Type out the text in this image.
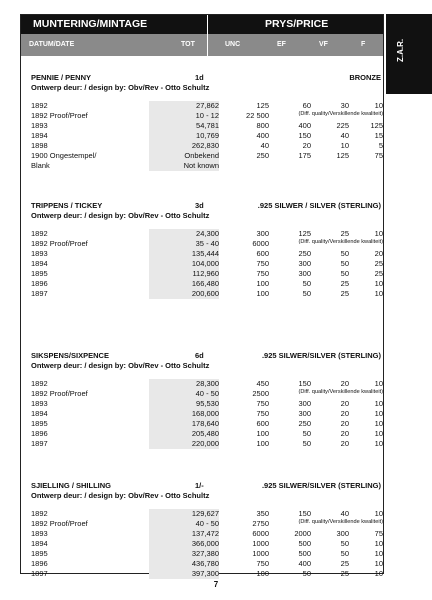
MUNTERING/MINTAGE	PRYS/PRICE
DATUM/DATE	TOT	UNC	EF	VF	F
PENNIE / PENNY	1d	BRONZE
Ontwerp deur: / design by: Obv/Rev - Otto Schultz
1892	27,862	125	60	30	10
1892 Proof/Proef	10 - 12	22 500	(Diff. quality/Verskillende kwaliteit)
1893	54,781	800	400	225	125
1894	10,769	400	150	40	15
1898	262,830	40	20	10	5
1900 Ongestempel/	Onbekend	250	175	125	75
Blank	Not known
TRIPPENS / TICKEY	3d	.925 SILWER / SILVER (STERLING)
Ontwerp deur: / design by: Obv/Rev - Otto Schultz
1892	24,300	300	125	25	10
1892 Proof/Proef	35 - 40	6000	(Diff. quality/Verskillende kwaliteit)
1893	135,444	600	250	50	20
1894	104,000	750	300	50	25
1895	112,960	750	300	50	25
1896	166,480	100	50	25	10
1897	200,600	100	50	25	10
SIKSPENS/SIXPENCE	6d	.925 SILWER/SILVER (STERLING)
Ontwerp deur: / design by: Obv/Rev - Otto Schultz
1892	28,300	450	150	20	10
1892 Proof/Proef	40 - 50	2500	(Diff. quality/Verskillende kwaliteit)
1893	95,530	750	300	20	10
1894	168,000	750	300	20	10
1895	178,640	600	250	20	10
1896	205,480	100	50	20	10
1897	220,000	100	50	20	10
SJIELLING / SHILLING	1/-	.925 SILWER/SILVER (STERLING)
Ontwerp deur: / design by: Obv/Rev - Otto Schultz
1892	129,627	350	150	40	10
1892 Proof/Proef	40 - 50	2750	(Diff. quality/Verskillende kwaliteit)
1893	137,472	6000	2000	300	75
1894	366,000	1000	500	50	10
1895	327,380	1000	500	50	10
1896	436,780	750	400	25	10
1897	397,300	100	50	25	10
Z.A.R.
7
